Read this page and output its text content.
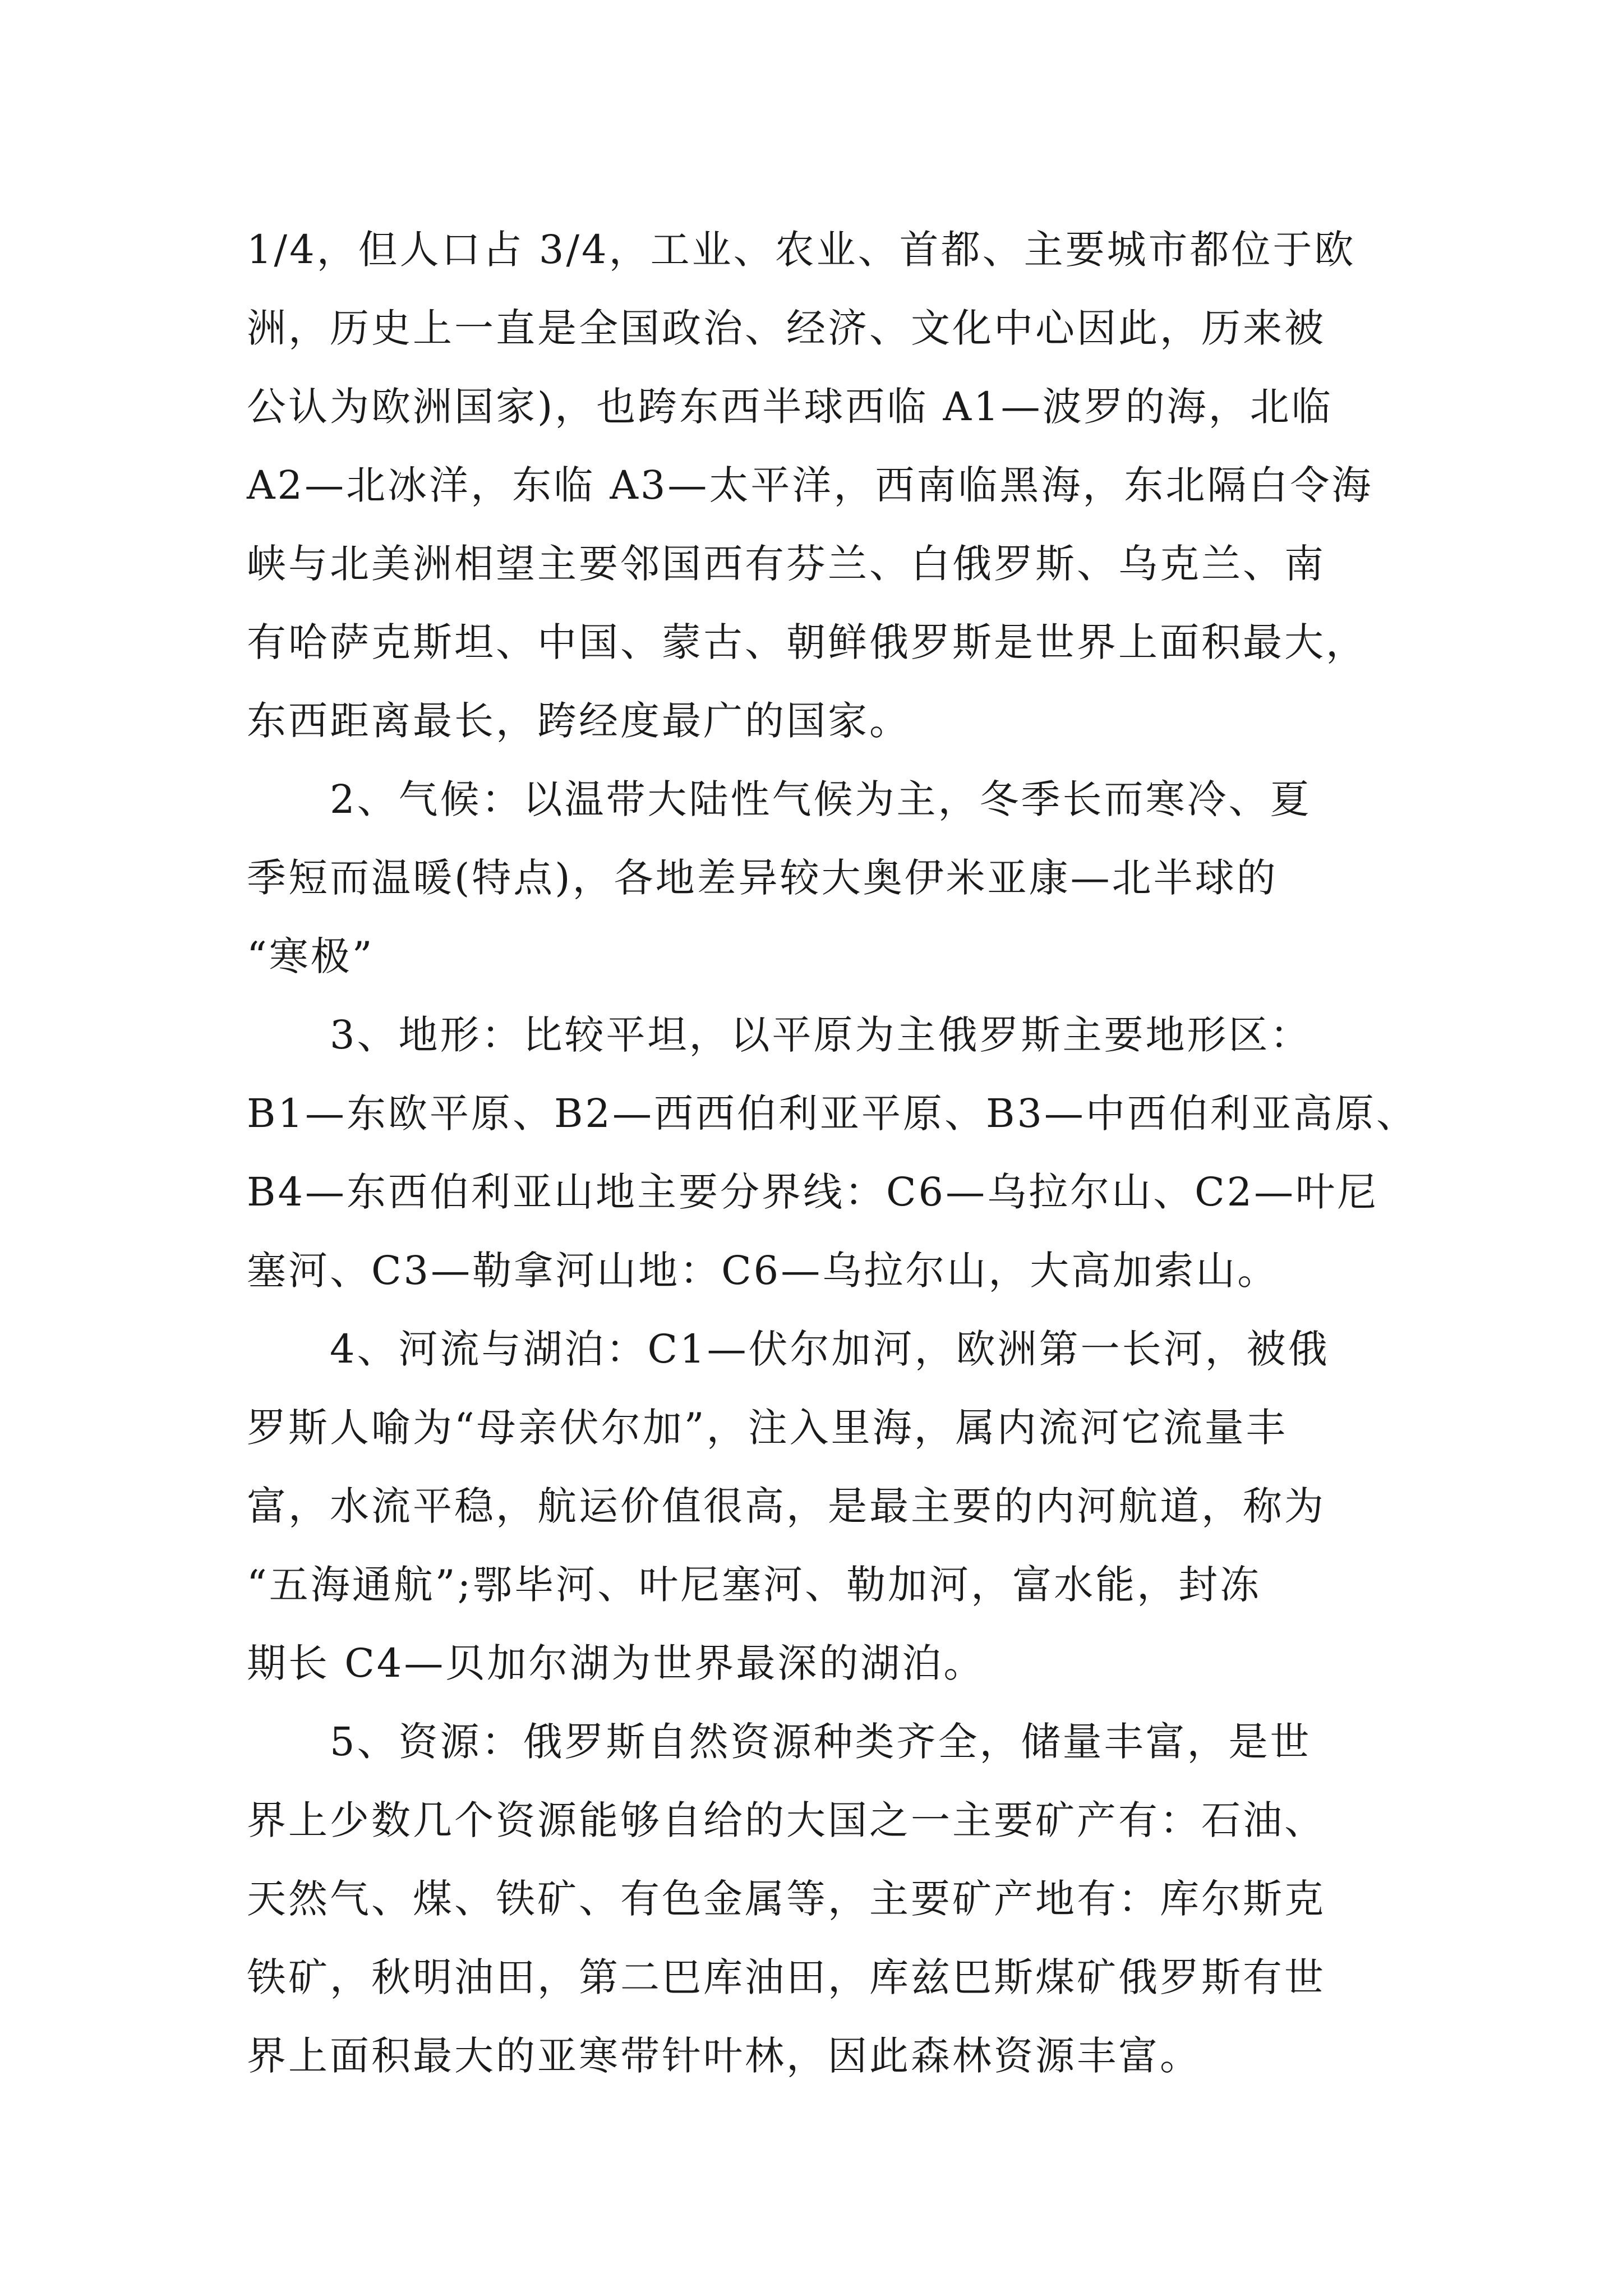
1/4，但人口占 3/4，工业、农业、首都、主要城市都位于欧
洲，历史上一直是全国政治、经济、文化中心因此，历来被
公认为欧洲国家)，也跨东西半球西临 A1—波罗的海，北临
A2—北冰洋，东临 A3—太平洋，西南临黑海，东北隔白令海
峡与北美洲相望主要邻国西有芬兰、白俄罗斯、乌克兰、南
有哈萨克斯坦、中国、蒙古、朝鲜俄罗斯是世界上面积最大，
东西距离最长，跨经度最广的国家。
2、气候：以温带大陆性气候为主，冬季长而寒冷、夏
季短而温暖(特点)，各地差异较大奥伊米亚康—北半球的
“寒极”
3、地形：比较平坦，以平原为主俄罗斯主要地形区：
B1—东欧平原、B2—西西伯利亚平原、B3—中西伯利亚高原、
B4—东西伯利亚山地主要分界线：C6—乌拉尔山、C2—叶尼
塞河、C3—勒拿河山地：C6—乌拉尔山，大高加索山。
4、河流与湖泊：C1—伏尔加河，欧洲第一长河，被俄
罗斯人喻为“母亲伏尔加”，注入里海，属内流河它流量丰
富，水流平稳，航运价值很高，是最主要的内河航道，称为
“五海通航”;鄂毕河、叶尼塞河、勒加河，富水能，封冻
期长 C4—贝加尔湖为世界最深的湖泊。
5、资源：俄罗斯自然资源种类齐全，储量丰富，是世
界上少数几个资源能够自给的大国之一主要矿产有：石油、
天然气、煤、铁矿、有色金属等，主要矿产地有：库尔斯克
铁矿，秋明油田，第二巴库油田，库兹巴斯煤矿俄罗斯有世
界上面积最大的亚寒带针叶林，因此森林资源丰富。
